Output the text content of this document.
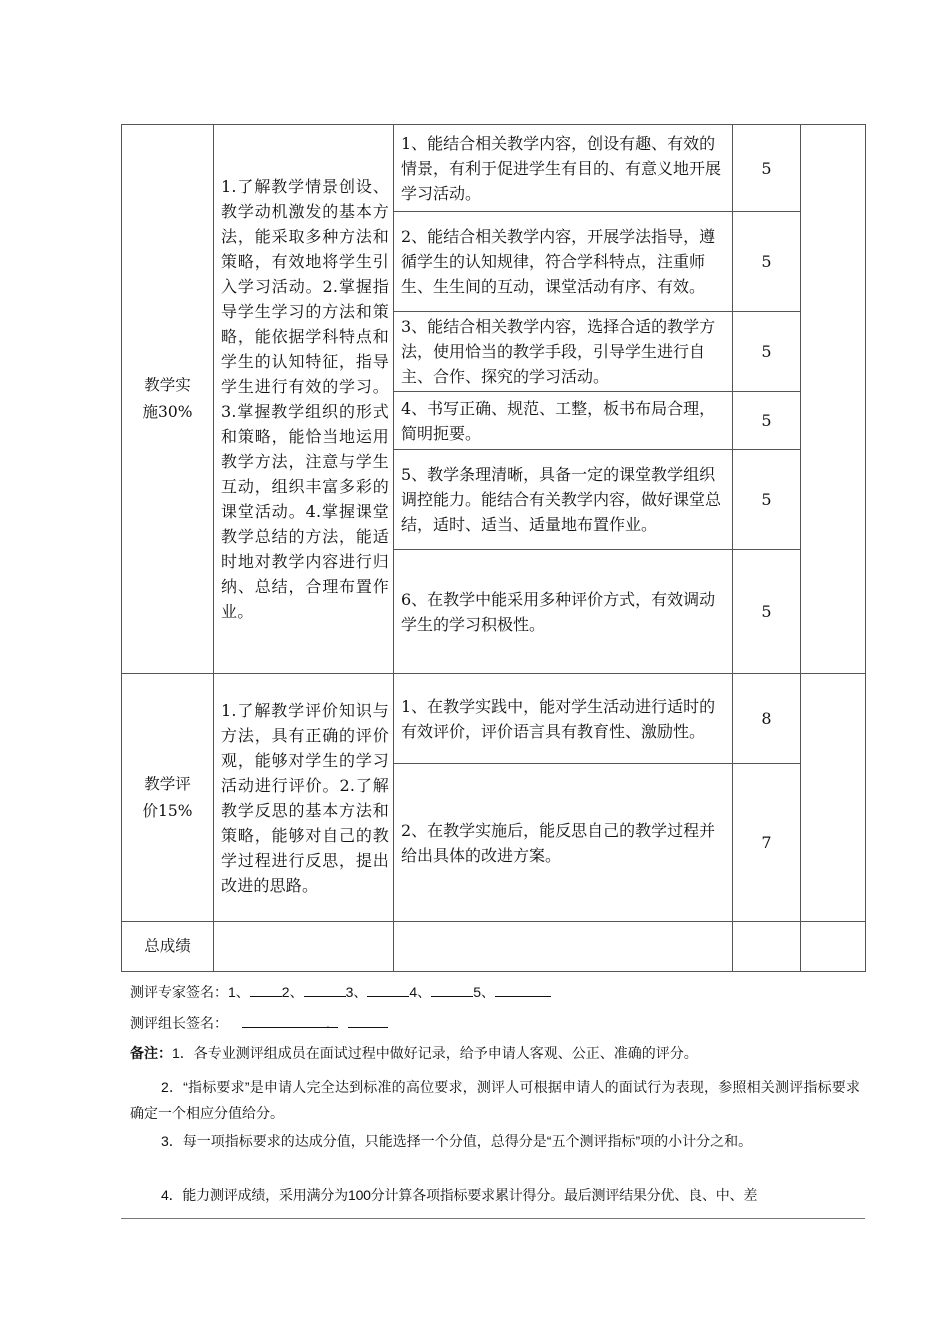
教学实施30%	1.了解教学情景创设、教学动机激发的基本方法，能采取多种方法和策略，有效地将学生引入学习活动。2.掌握指导学生学习的方法和策略，能依据学科特点和学生的认知特征，指导学生进行有效的学习。3.掌握教学组织的形式和策略，能恰当地运用教学方法，注意与学生互动，组织丰富多彩的课堂活动。4.掌握课堂教学总结的方法，能适时地对教学内容进行归纳、总结，合理布置作业。	1、能结合相关教学内容，创设有趣、有效的情景，有利于促进学生有目的、有意义地开展学习活动。	5	
		2、能结合相关教学内容，开展学法指导，遵循学生的认知规律，符合学科特点，注重师生、生生间的互动，课堂活动有序、有效。	5	
		3、能结合相关教学内容，选择合适的教学方法，使用恰当的教学手段，引导学生进行自主、合作、探究的学习活动。	5	
		4、书写正确、规范、工整，板书布局合理，简明扼要。	5	
		5、教学条理清晰，具备一定的课堂教学组织调控能力。能结合有关教学内容，做好课堂总结，适时、适当、适量地布置作业。	5	
		6、在教学中能采用多种评价方式，有效调动学生的学习积极性。	5	
教学评价15%	1.了解教学评价知识与方法，具有正确的评价观，能够对学生的学习活动进行评价。2.了解教学反思的基本方法和策略，能够对自己的教学过程进行反思，提出改进的思路。	1、在教学实践中，能对学生活动进行适时的有效评价，评价语言具有教育性、激励性。	8	
		2、在教学实施后，能反思自己的教学过程并给出具体的改进方案。	7	
总成绩				
测评专家签名：1、 2、	3、	4、	5、
测评组长签名：	.
备注：1．各专业测评组成员在面试过程中做好记录，给予申请人客观、公正、准确的评分。
2．“指标要求”是申请人完全达到标准的高位要求，测评人可根据申请人的面试行为表现，参照相关测评指标要求确定一个相应分值给分。
3．每一项指标要求的达成分值，只能选择一个分值，总得分是“五个测评指标”项的小计分之和。
4．能力测评成绩，采用满分为100分计算各项指标要求累计得分。最后测评结果分优、良、中、差
